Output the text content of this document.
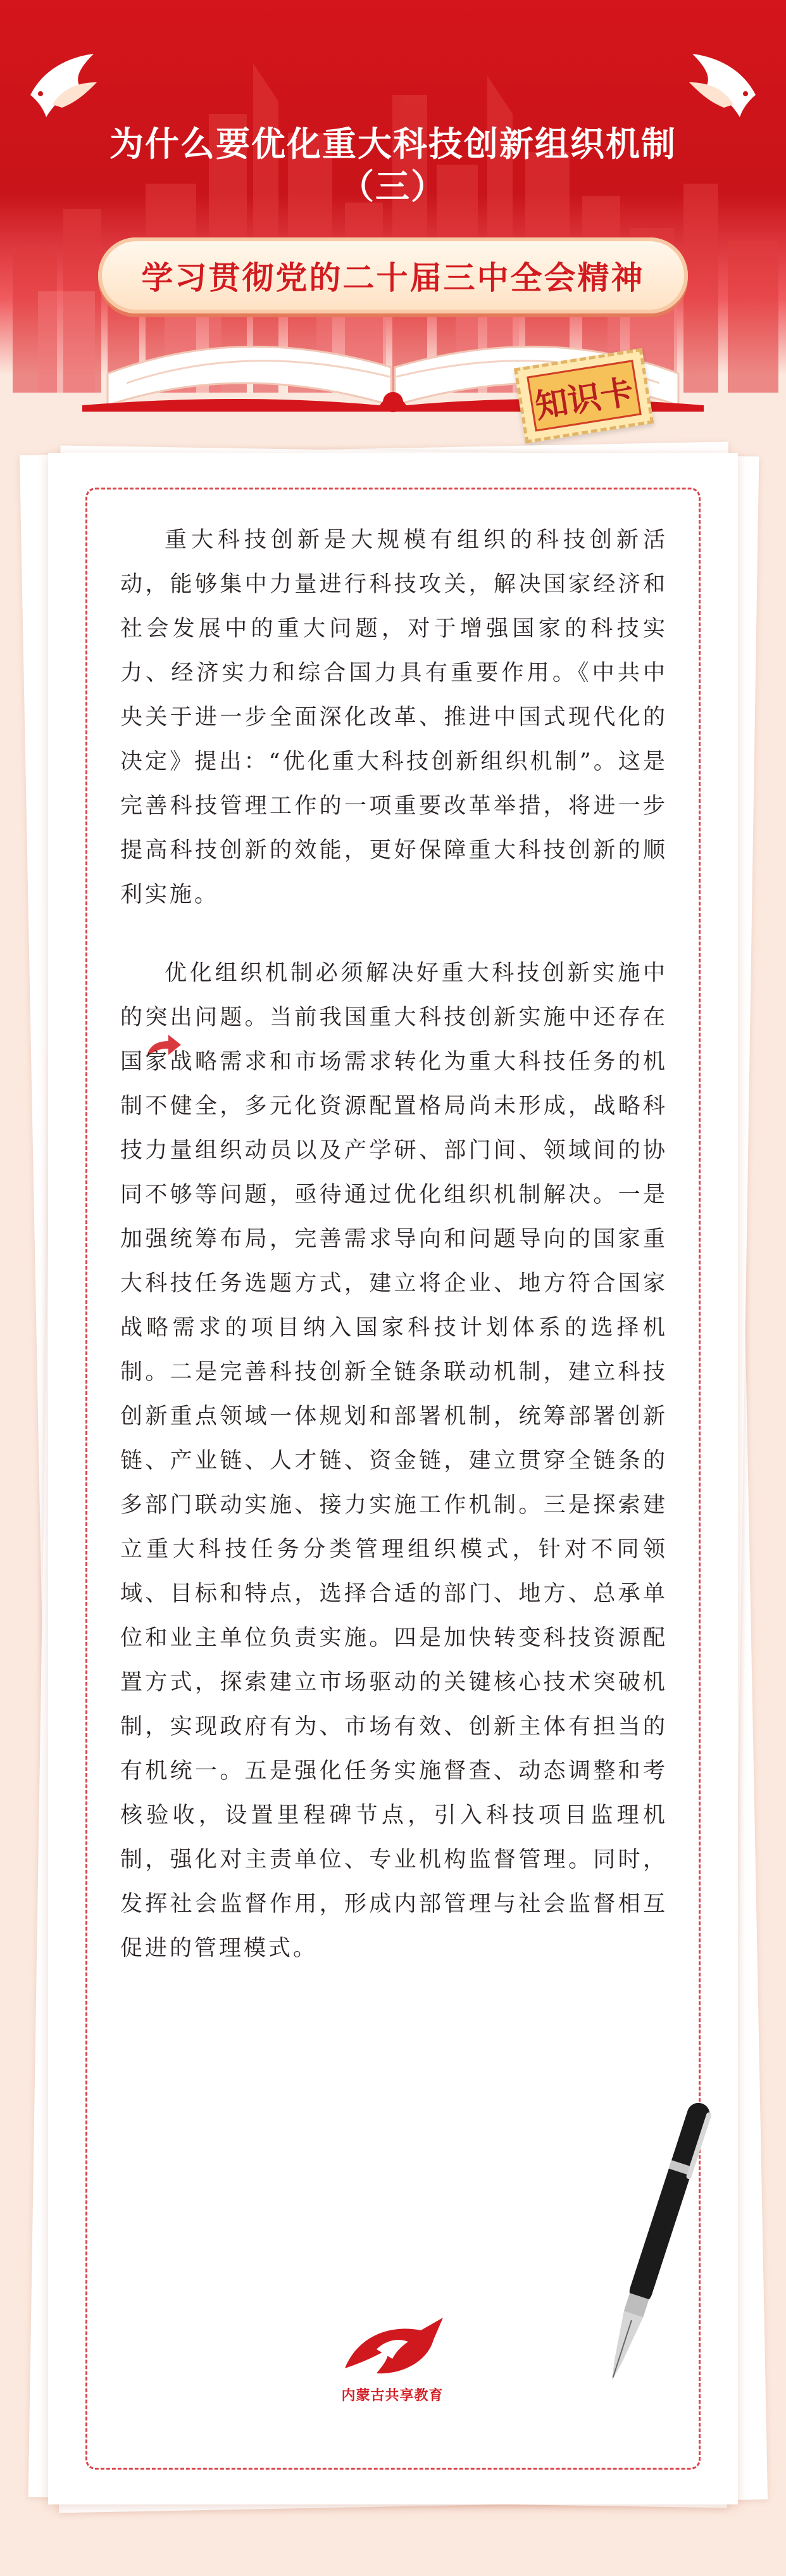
为什么要优化重大科技创新组织机制
（三）
学习贯彻党的二十届三中全会精神
知识卡

重大科技创新是大规模有组织的科技创新活动，能够集中力量进行科技攻关，解决国家经济和社会发展中的重大问题，对于增强国家的科技实力、经济实力和综合国力具有重要作用。《中共中央关于进一步全面深化改革、推进中国式现代化的决定》提出：“优化重大科技创新组织机制”。这是完善科技管理工作的一项重要改革举措，将进一步提高科技创新的效能，更好保障重大科技创新的顺利实施。

优化组织机制必须解决好重大科技创新实施中的突出问题。当前我国重大科技创新实施中还存在国家战略需求和市场需求转化为重大科技任务的机制不健全，多元化资源配置格局尚未形成，战略科技力量组织动员以及产学研、部门间、领域间的协同不够等问题，亟待通过优化组织机制解决。一是加强统筹布局，完善需求导向和问题导向的国家重大科技任务选题方式，建立将企业、地方符合国家战略需求的项目纳入国家科技计划体系的选择机制。二是完善科技创新全链条联动机制，建立科技创新重点领域一体规划和部署机制，统筹部署创新链、产业链、人才链、资金链，建立贯穿全链条的多部门联动实施、接力实施工作机制。三是探索建立重大科技任务分类管理组织模式，针对不同领域、目标和特点，选择合适的部门、地方、总承单位和业主单位负责实施。四是加快转变科技资源配置方式，探索建立市场驱动的关键核心技术突破机制，实现政府有为、市场有效、创新主体有担当的有机统一。五是强化任务实施督查、动态调整和考核验收，设置里程碑节点，引入科技项目监理机制，强化对主责单位、专业机构监督管理。同时，发挥社会监督作用，形成内部管理与社会监督相互促进的管理模式。

内蒙古共享教育
